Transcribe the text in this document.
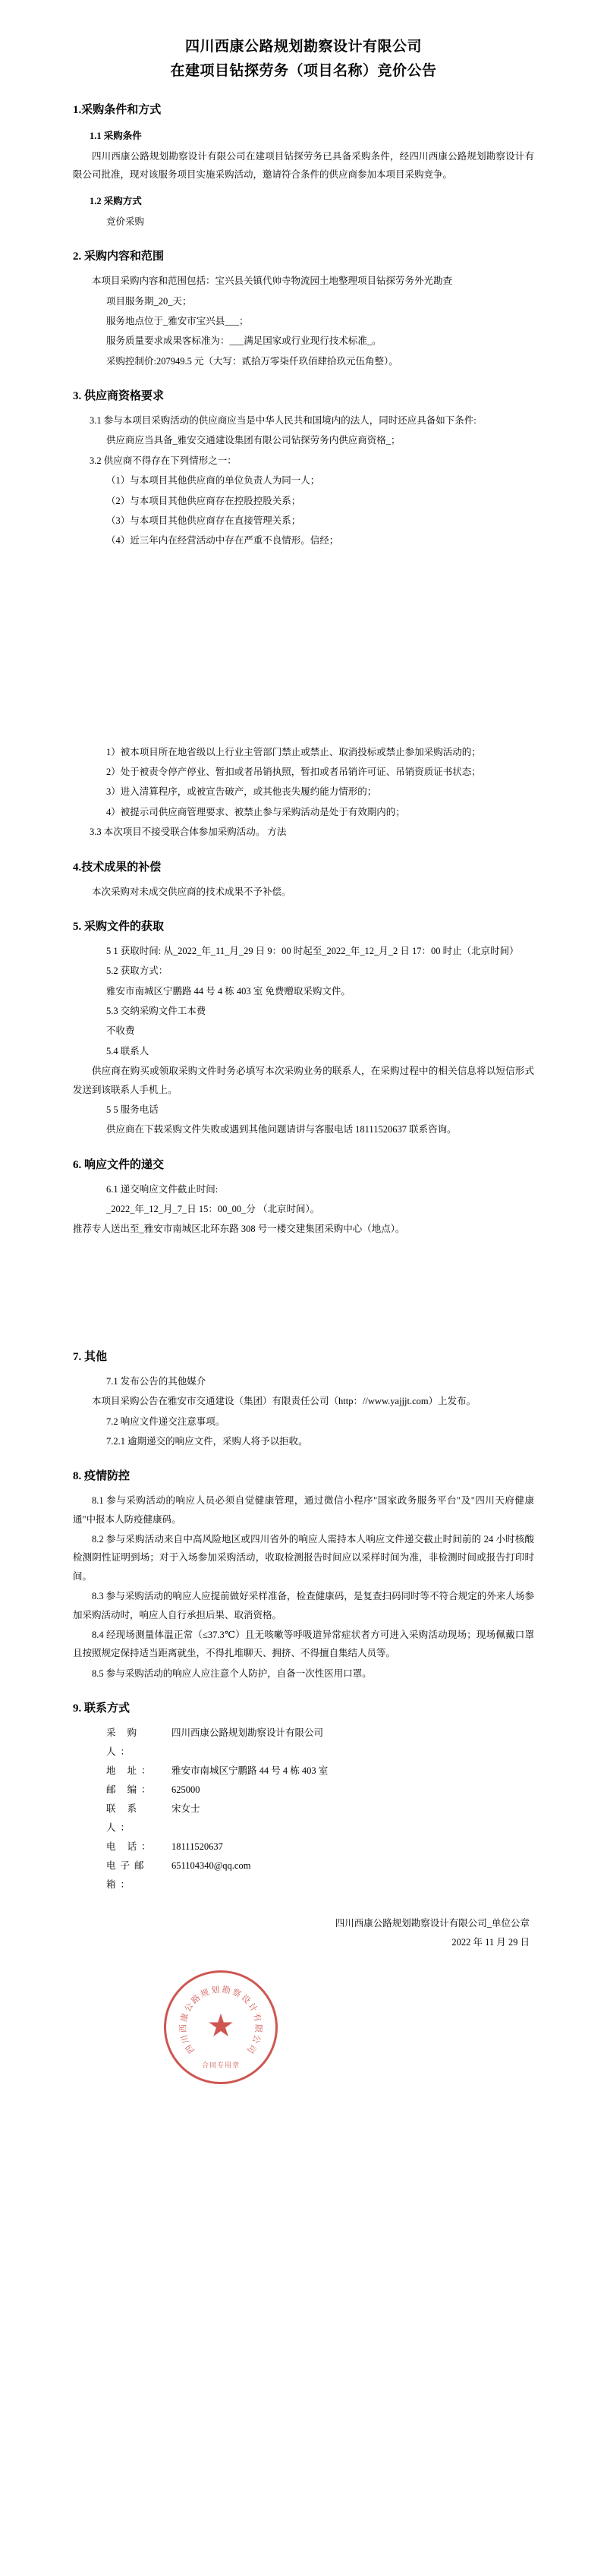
四川西康公路规划勘察设计有限公司
在建项目钻探劳务（项目名称）竞价公告
1.采购条件和方式
1.1 采购条件

四川西康公路规划勘察设计有限公司在建项目钻探劳务已具备采购条件，经四川西康公路规划勘察设计有限公司批准，现对该服务项目实施采购活动，邀请符合条件的供应商参加本项目采购竞争。

1.2 采购方式

竞价采购

2. 采购内容和范围

本项目采购内容和范围包括：宝兴县关镇代帅寺物流园土地整理项目钻探劳务外光勘查

项目服务期_20_天；

服务地点位于_雅安市宝兴县___；

服务质量要求成果客标准为：___满足国家或行业现行技术标准_。

采购控制价:207949.5 元（大写：贰拾万零柒仟玖佰肆拾玖元伍角整）。

3. 供应商资格要求

3.1 参与本项目采购活动的供应商应当是中华人民共和国境内的法人，同时还应具备如下条件:

供应商应当具备_雅安交通建设集团有限公司钻探劳务内供应商资格_；

3.2 供应商不得存在下列情形之一：

（1）与本项目其他供应商的单位负责人为同一人；

（2）与本项目其他供应商存在控股控股关系；

（3）与本项目其他供应商存在直接管理关系；

（4）近三年内在经营活动中存在严重不良情形。信经；

1）被本项目所在地省级以上行业主管部门禁止或禁止、取消投标或禁止参加采购活动的；

2）处于被责令停产停业、暂扣或者吊销执照，暂扣或者吊销许可证、吊销资质证书状态；

3）进入清算程序，或被宣告破产，或其他丧失履约能力情形的；

4）被提示司供应商管理要求、被禁止参与采购活动是处于有效期内的；

3.3 本次项目不接受联合体参加采购活动。 方法

4.技术成果的补偿

本次采购对未成交供应商的技术成果不予补偿。

5. 采购文件的获取

5 1 获取时间: 从_2022_年_11_月_29 日 9：00 时起至_2022_年_12_月_2 日 17：00 时止（北京时间）

5.2 获取方式：

雅安市南城区宁鹏路 44 号 4 栋 403 室 免费赠取采购文件。

5.3 交纳采购文件工本费

不收费

5.4 联系人

供应商在购买或领取采购文件时务必填写本次采购业务的联系人，在采购过程中的相关信息将以短信形式发送到该联系人手机上。

5 5 服务电话

供应商在下载采购文件失败或遇到其他问题请讲与客服电话 18111520637 联系咨询。

6. 响应文件的递交

6.1 递交响应文件截止时间:

_2022_年_12_月_7_日 15：00_00_分 （北京时间）。

推荐专人送出至_雅安市南城区北环东路 308 号一楼交建集团采购中心（地点）。

7. 其他

7.1 发布公告的其他媒介

本项目采购公告在雅安市交通建设（集团）有限责任公司（http：//www.yajjjt.com）上发布。

7.2 响应文件递交注意事项。

7.2.1 逾期递交的响应文件，采购人将予以拒收。

8. 疫情防控

8.1 参与采购活动的响应人员必须自觉健康管理，通过微信小程序"国家政务服务平台"及"四川天府健康通"中报本人防疫健康码。

8.2 参与采购活动来自中高风险地区或四川省外的响应人需持本人响应文件递交截止时间前的 24 小时核酸检测阴性证明到场；对于入场参加采购活动，收取检测报告时间应以采样时间为准，非检测时间或报告打印时间。

8.3 参与采购活动的响应人应提前做好采样准备，检查健康码，是复查扫码同时等不符合规定的外来人场参加采购活动时，响应人自行承担后果、取消资格。

8.4 经现场测量体温正常（≤37.3℃）且无咳嗽等呼吸道异常症状者方可进入采购活动现场；现场佩戴口罩且按照规定保持适当距离就坐，不得扎堆聊天、拥挤、不得擅自集结人员等。

8.5 参与采购活动的响应人应注意个人防护，自备一次性医用口罩。

9. 联系方式
采 购 人：
四川西康公路规划勘察设计有限公司
地 址：	雅安市南城区宁鹏路 44 号 4 栋 403 室
邮 编：	625000
联 系 人：
宋女士
电 话：	18111520637
电子邮箱：
651104340@qq.com
四
川
西
康
公
路
规 划 勘 察
设
计
有
限
公
司
★
合同专用章
四川西康公路规划勘察设计有限公司_单位公章
2022 年 11 月 29 日
